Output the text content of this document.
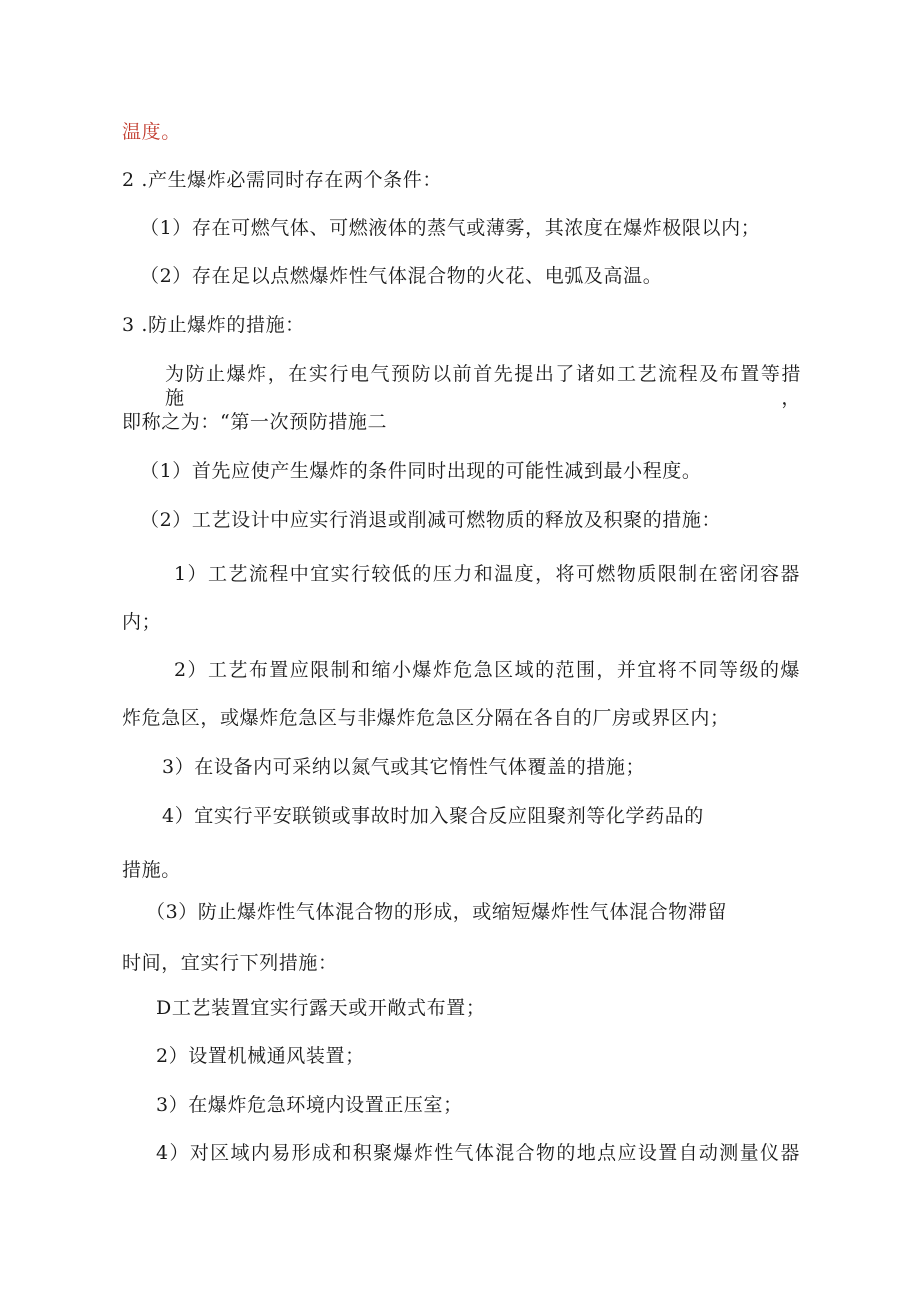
温度。
2 .产生爆炸必需同时存在两个条件：
（1）存在可燃气体、可燃液体的蒸气或薄雾，其浓度在爆炸极限以内；
（2）存在足以点燃爆炸性气体混合物的火花、电弧及高温。
3 .防止爆炸的措施：
为防止爆炸，在实行电气预防以前首先提出了诸如工艺流程及布置等措施，
即称之为：“第一次预防措施二
（1）首先应使产生爆炸的条件同时出现的可能性减到最小程度。
（2）工艺设计中应实行消退或削减可燃物质的释放及积聚的措施：
1）工艺流程中宜实行较低的压力和温度，将可燃物质限制在密闭容器
内；
2）工艺布置应限制和缩小爆炸危急区域的范围，并宜将不同等级的爆
炸危急区，或爆炸危急区与非爆炸危急区分隔在各自的厂房或界区内；
3）在设备内可采纳以氮气或其它惰性气体覆盖的措施；
4）宜实行平安联锁或事故时加入聚合反应阻聚剂等化学药品的
措施。
（3）防止爆炸性气体混合物的形成，或缩短爆炸性气体混合物滞留
时间，宜实行下列措施：
D工艺装置宜实行露天或开敞式布置；
2）设置机械通风装置；
3）在爆炸危急环境内设置正压室；
4）对区域内易形成和积聚爆炸性气体混合物的地点应设置自动测量仪器
